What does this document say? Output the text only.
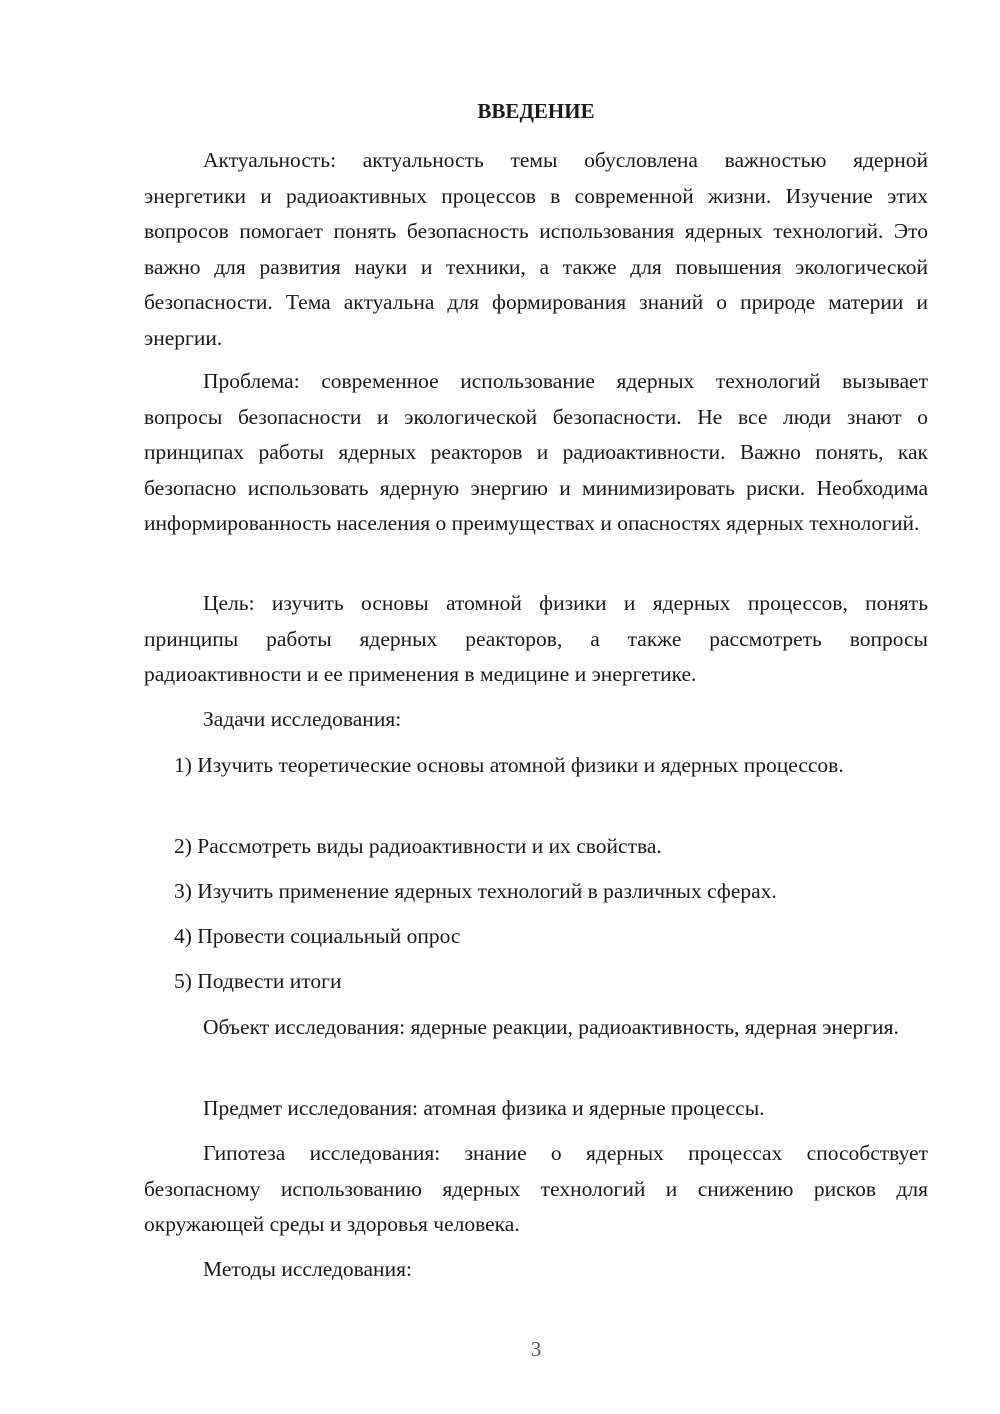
ВВЕДЕНИЕ
Актуальность: актуальность темы обусловлена важностью ядерной энергетики и радиоактивных процессов в современной жизни. Изучение этих вопросов помогает понять безопасность использования ядерных технологий. Это важно для развития науки и техники, а также для повышения экологической безопасности. Тема актуальна для формирования знаний о природе материи и энергии.
Проблема: современное использование ядерных технологий вызывает вопросы безопасности и экологической безопасности. Не все люди знают о принципах работы ядерных реакторов и радиоактивности. Важно понять, как безопасно использовать ядерную энергию и минимизировать риски. Необходима информированность населения о преимуществах и опасностях ядерных технологий.
Цель: изучить основы атомной физики и ядерных процессов, понять принципы работы ядерных реакторов, а также рассмотреть вопросы радиоактивности и ее применения в медицине и энергетике.
Задачи исследования:
1) Изучить теоретические основы атомной физики и ядерных процессов.
2) Рассмотреть виды радиоактивности и их свойства.
3) Изучить применение ядерных технологий в различных сферах.
4) Провести социальный опрос
5) Подвести итоги
Объект исследования: ядерные реакции, радиоактивность, ядерная энергия.
Предмет исследования: атомная физика и ядерные процессы.
Гипотеза исследования: знание о ядерных процессах способствует безопасному использованию ядерных технологий и снижению рисков для окружающей среды и здоровья человека.
Методы исследования:
3
